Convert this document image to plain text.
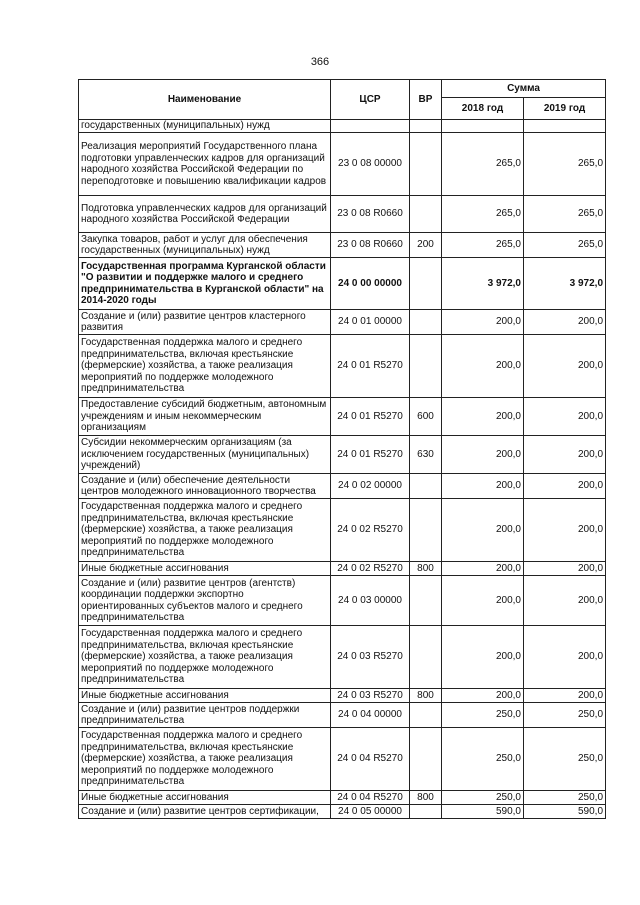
366
Наименование	ЦСР	ВР	Сумма	
			2018 год	2019 год
государственных (муниципальных) нужд				
Реализация мероприятий Государственного плана подготовки управленческих кадров для организаций народного хозяйства Российской Федерации по переподготовке и повышению квалификации кадров	23 0 08 00000		265,0	265,0
Подготовка управленческих кадров для организаций народного хозяйства Российской Федерации	23 0 08 R0660		265,0	265,0
Закупка товаров, работ и услуг для обеспечения государственных (муниципальных) нужд	23 0 08 R0660	200	265,0	265,0
Государственная программа Курганской области "О развитии и поддержке малого и среднего предпринимательства в Курганской области" на 2014-2020 годы	24 0 00 00000		3 972,0	3 972,0
Создание и (или) развитие центров кластерного развития	24 0 01 00000		200,0	200,0
Государственная поддержка малого и среднего предпринимательства, включая крестьянские (фермерские) хозяйства, а также реализация мероприятий по поддержке молодежного предпринимательства	24 0 01 R5270		200,0	200,0
Предоставление субсидий бюджетным, автономным учреждениям и иным некоммерческим организациям	24 0 01 R5270	600	200,0	200,0
Субсидии некоммерческим организациям (за исключением государственных (муниципальных) учреждений)	24 0 01 R5270	630	200,0	200,0
Создание и (или) обеспечение деятельности центров молодежного инновационного творчества	24 0 02 00000		200,0	200,0
Государственная поддержка малого и среднего предпринимательства, включая крестьянские (фермерские) хозяйства, а также реализация мероприятий по поддержке молодежного предпринимательства	24 0 02 R5270		200,0	200,0
Иные бюджетные ассигнования	24 0 02 R5270	800	200,0	200,0
Создание и (или) развитие центров (агентств) координации поддержки экспортно ориентированных субъектов малого и среднего предпринимательства	24 0 03 00000		200,0	200,0
Государственная поддержка малого и среднего предпринимательства, включая крестьянские (фермерские) хозяйства, а также реализация мероприятий по поддержке молодежного предпринимательства	24 0 03 R5270		200,0	200,0
Иные бюджетные ассигнования	24 0 03 R5270	800	200,0	200,0
Создание и (или) развитие центров поддержки предпринимательства	24 0 04 00000		250,0	250,0
Государственная поддержка малого и среднего предпринимательства, включая крестьянские (фермерские) хозяйства, а также реализация мероприятий по поддержке молодежного предпринимательства	24 0 04 R5270		250,0	250,0
Иные бюджетные ассигнования	24 0 04 R5270	800	250,0	250,0
Создание и (или) развитие центров сертификации,	24 0 05 00000		590,0	590,0
